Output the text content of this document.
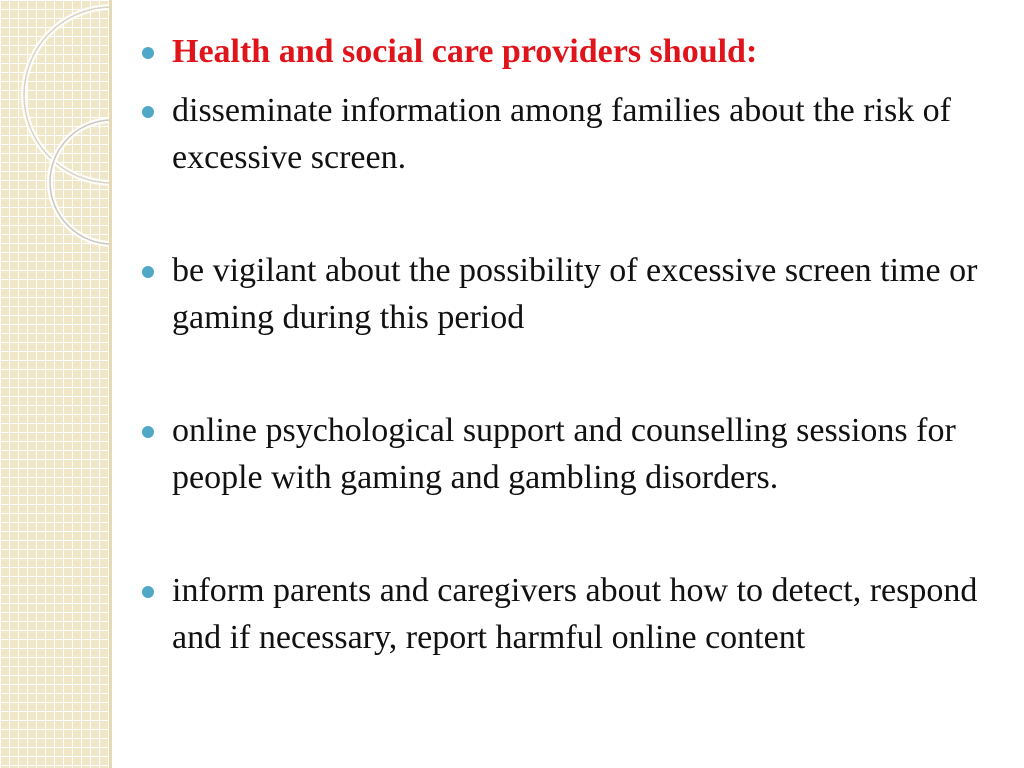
Health and social care providers should:
disseminate information among families about the risk of excessive screen.
be vigilant about the possibility of excessive screen time or gaming during this period
online psychological support and counselling sessions for people with gaming and gambling disorders.
inform parents and caregivers about how to detect, respond and if necessary, report harmful online content
